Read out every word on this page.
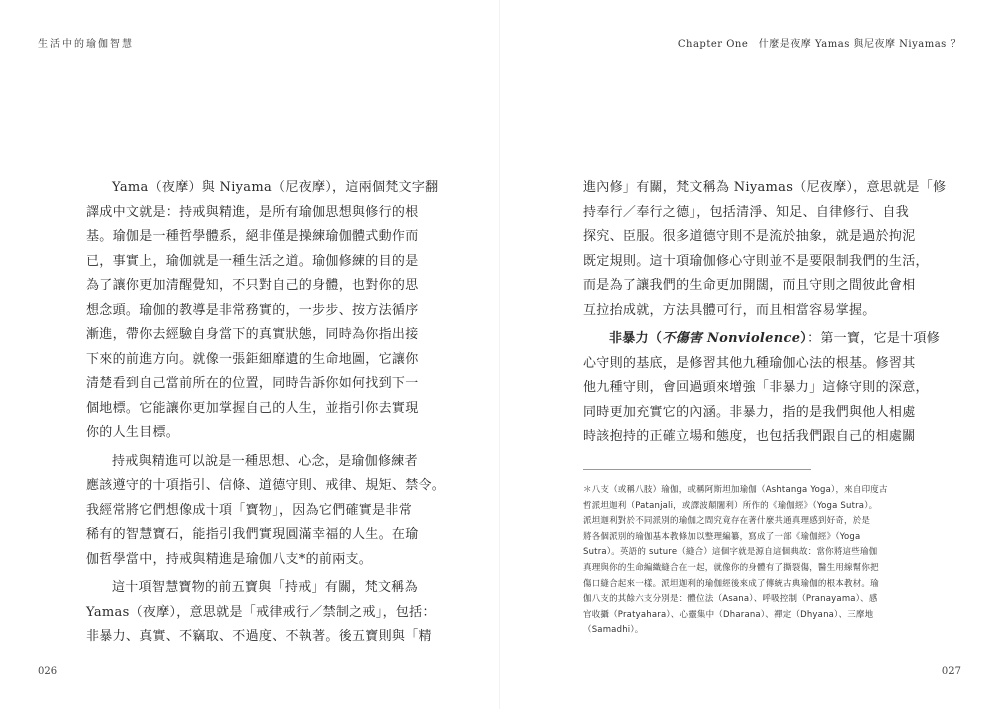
生活中的瑜伽智慧
Yama（夜摩）與 Niyama（尼夜摩），這兩個梵文字翻
譯成中文就是：持戒與精進，是所有瑜伽思想與修行的根
基。瑜伽是一種哲學體系，絕非僅是操練瑜伽體式動作而
已，事實上，瑜伽就是一種生活之道。瑜伽修練的目的是
為了讓你更加清醒覺知，不只對自己的身體，也對你的思
想念頭。瑜伽的教導是非常務實的，一步步、按方法循序
漸進，帶你去經驗自身當下的真實狀態，同時為你指出接
下來的前進方向。就像一張鉅細靡遺的生命地圖，它讓你
清楚看到自己當前所在的位置，同時告訴你如何找到下一
個地標。它能讓你更加掌握自己的人生，並指引你去實現
你的人生目標。
持戒與精進可以說是一種思想、心念，是瑜伽修練者
應該遵守的十項指引、信條、道德守則、戒律、規矩、禁令。
我經常將它們想像成十項「寶物」，因為它們確實是非常
稀有的智慧寶石，能指引我們實現圓滿幸福的人生。在瑜
伽哲學當中，持戒與精進是瑜伽八支*的前兩支。
這十項智慧寶物的前五寶與「持戒」有關，梵文稱為
Yamas（夜摩），意思就是「戒律戒行／禁制之戒」，包括：
非暴力、真實、不竊取、不過度、不執著。後五寶則與「精
026
Chapter One　什麼是夜摩 Yamas 與尼夜摩 Niyamas ？
進內修」有關，梵文稱為 Niyamas（尼夜摩），意思就是「修
持奉行／奉行之德」，包括清淨、知足、自律修行、自我
探究、臣服。很多道德守則不是流於抽象，就是過於拘泥
既定規則。這十項瑜伽修心守則並不是要限制我們的生活，
而是為了讓我們的生命更加開闊，而且守則之間彼此會相
互拉抬成就，方法具體可行，而且相當容易掌握。
非暴力（不傷害 Nonviolence）：第一寶，它是十項修
心守則的基底，是修習其他九種瑜伽心法的根基。修習其
他九種守則，會回過頭來增強「非暴力」這條守則的深意，
同時更加充實它的內涵。非暴力，指的是我們與他人相處
時該抱持的正確立場和態度，也包括我們跟自己的相處關
＊八支（或稱八肢）瑜伽，或稱阿斯坦加瑜伽（Ashtanga Yoga），來自印度古
哲派坦迦利（Patanjali，或譯波顛闍利）所作的《瑜伽經》（Yoga Sutra）。
派坦迦利對於不同派別的瑜伽之間究竟存在著什麼共通真理感到好奇，於是
將各個派別的瑜伽基本教條加以整理編纂，寫成了一部《瑜伽經》（Yoga
Sutra）。英語的 suture（縫合）這個字就是源自這個典故：當你將這些瑜伽
真理與你的生命編織縫合在一起，就像你的身體有了撕裂傷，醫生用線幫你把
傷口縫合起來一樣。派坦迦利的瑜伽經後來成了傳統古典瑜伽的根本教材。瑜
伽八支的其餘六支分別是：體位法（Asana）、呼吸控制（Pranayama）、感
官收攝（Pratyahara）、心靈集中（Dharana）、禪定（Dhyana）、三摩地
（Samadhi）。
027
